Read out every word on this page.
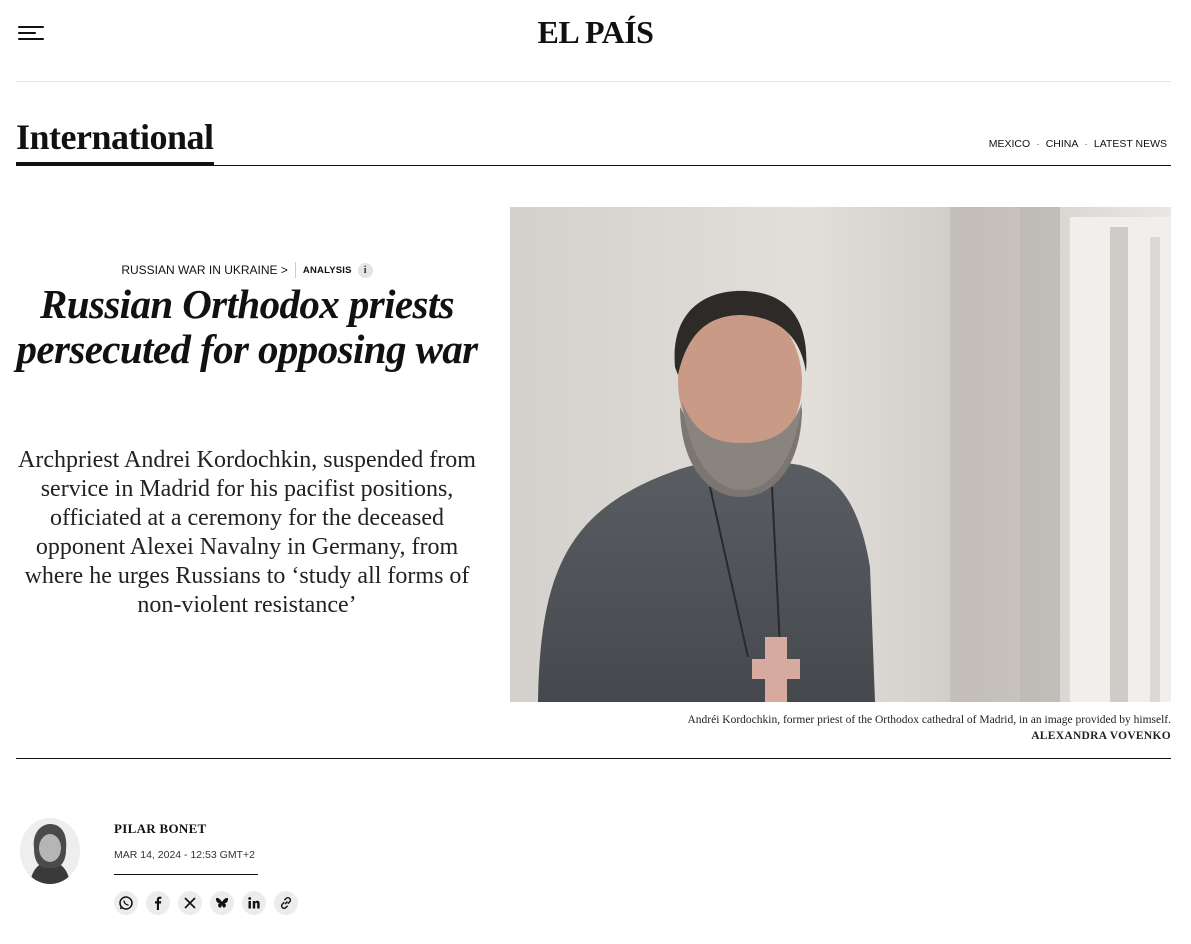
EL PAÍS
International	MEXICO · CHINA · LATEST NEWS
RUSSIAN WAR IN UKRAINE > ANALYSIS	i
Russian Orthodox priests persecuted for opposing war

Archpriest Andrei Kordochkin, suspended from service in Madrid for his pacifist positions, officiated at a ceremony for the deceased opponent Alexei Navalny in Germany, from where he urges Russians to ‘study all forms of non-violent resistance’

Andréi Kordochkin, former priest of the Orthodox cathedral of Madrid, in an image provided by himself.
ALEXANDRA VOVENKO
PILAR BONET
MAR 14, 2024 - 12:53 GMT+2
